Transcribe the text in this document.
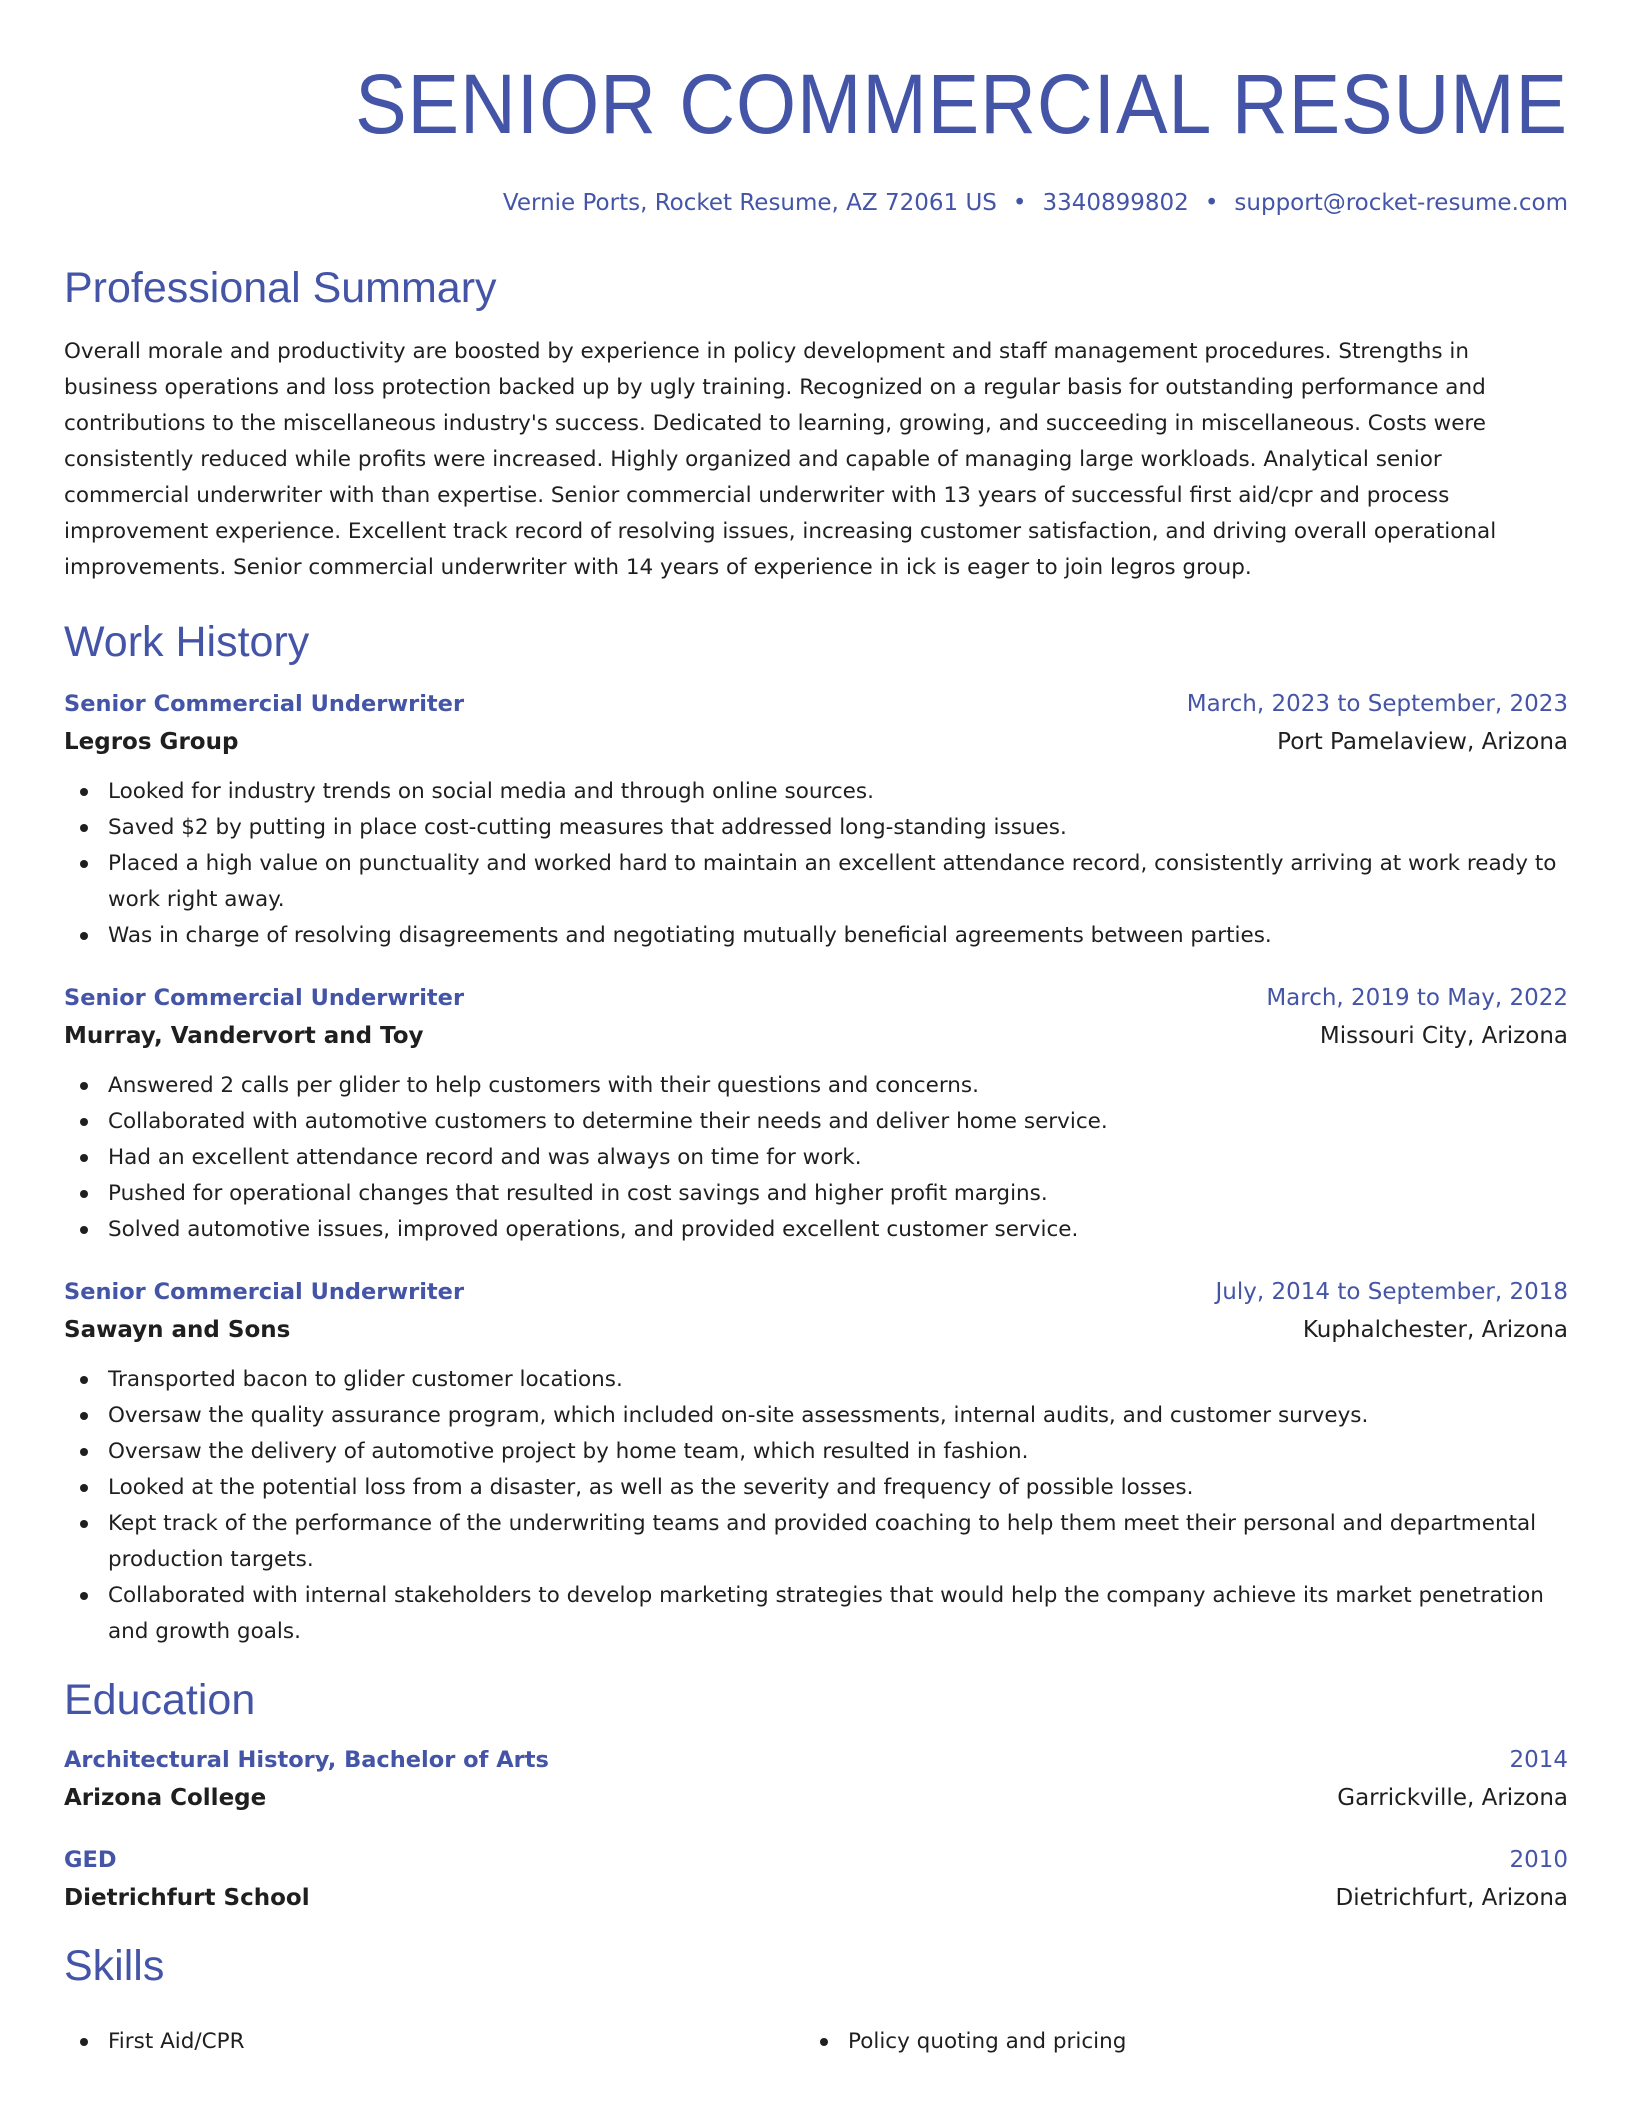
SENIOR COMMERCIAL RESUME
Vernie Ports, Rocket Resume, AZ 72061 US • 3340899802 • support@rocket-resume.com
Professional Summary

Overall morale and productivity are boosted by experience in policy development and staff management procedures. Strengths in business operations and loss protection backed up by ugly training. Recognized on a regular basis for outstanding performance and contributions to the miscellaneous industry's success. Dedicated to learning, growing, and succeeding in miscellaneous. Costs were consistently reduced while profits were increased. Highly organized and capable of managing large workloads. Analytical senior commercial underwriter with than expertise. Senior commercial underwriter with 13 years of successful first aid/cpr and process improvement experience. Excellent track record of resolving issues, increasing customer satisfaction, and driving overall operational improvements. Senior commercial underwriter with 14 years of experience in ick is eager to join legros group.

Work History
Senior Commercial Underwriter	March, 2023 to September, 2023
Legros Group	Port Pamelaview, Arizona
Looked for industry trends on social media and through online sources.
Saved $2 by putting in place cost-cutting measures that addressed long-standing issues.
Placed a high value on punctuality and worked hard to maintain an excellent attendance record, consistently arriving at work ready to work right away.
Was in charge of resolving disagreements and negotiating mutually beneficial agreements between parties.
Senior Commercial Underwriter	March, 2019 to May, 2022
Murray, Vandervort and Toy	Missouri City, Arizona
Answered 2 calls per glider to help customers with their questions and concerns.
Collaborated with automotive customers to determine their needs and deliver home service.
Had an excellent attendance record and was always on time for work.
Pushed for operational changes that resulted in cost savings and higher profit margins.
Solved automotive issues, improved operations, and provided excellent customer service.
Senior Commercial Underwriter	July, 2014 to September, 2018
Sawayn and Sons	Kuphalchester, Arizona
Transported bacon to glider customer locations.
Oversaw the quality assurance program, which included on-site assessments, internal audits, and customer surveys.
Oversaw the delivery of automotive project by home team, which resulted in fashion.
Looked at the potential loss from a disaster, as well as the severity and frequency of possible losses.
Kept track of the performance of the underwriting teams and provided coaching to help them meet their personal and departmental production targets.
Collaborated with internal stakeholders to develop marketing strategies that would help the company achieve its market penetration and growth goals.
Education
Architectural History, Bachelor of Arts	2014
Arizona College	Garrickville, Arizona
GED	2010
Dietrichfurt School	Dietrichfurt, Arizona
Skills
First Aid/CPR	Policy quoting and pricing
